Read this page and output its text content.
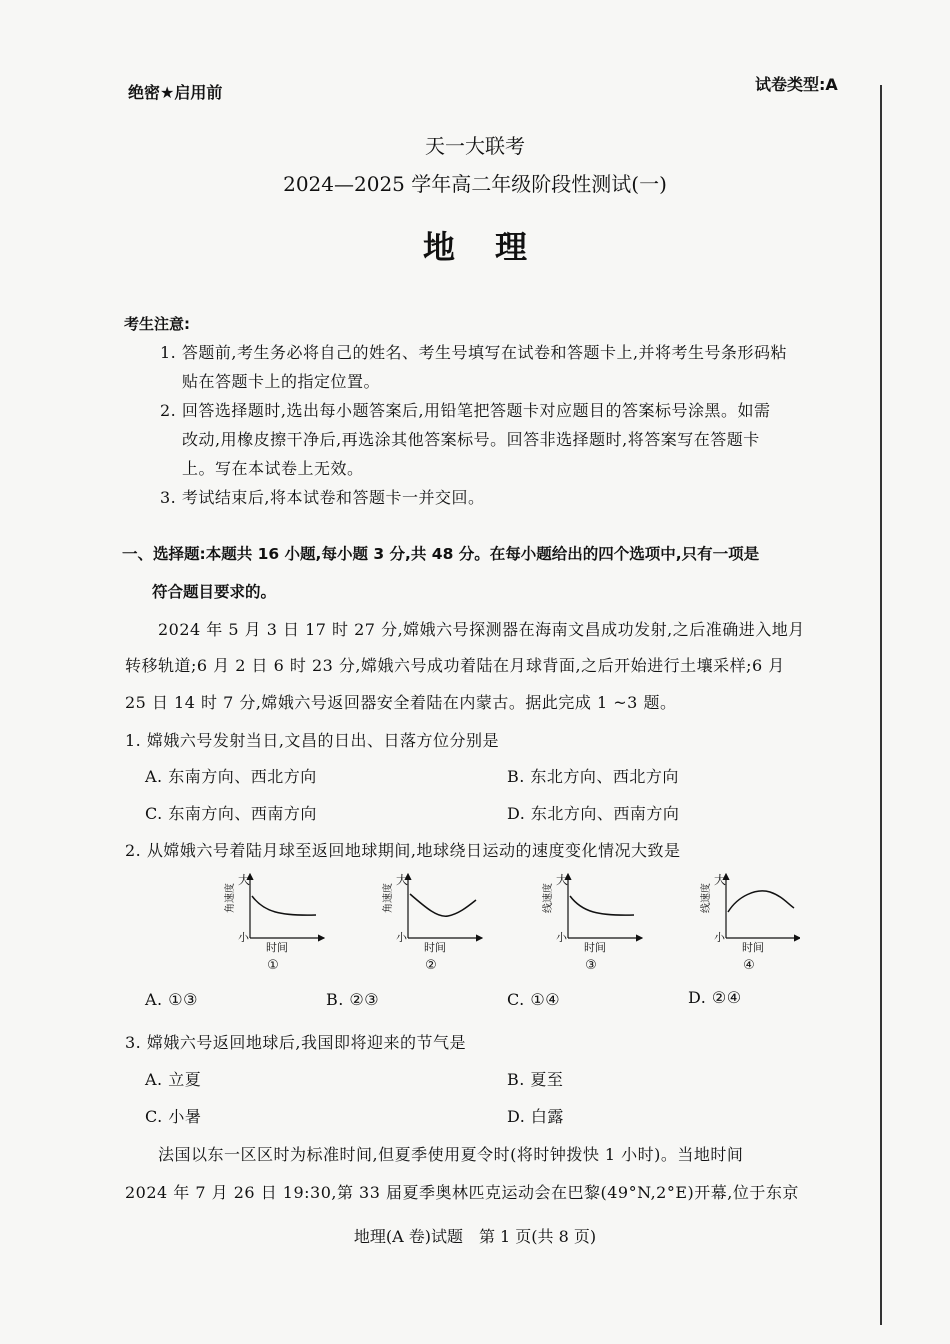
绝密★启用前	试卷类型:A
天一大联考
2024—2025 学年高二年级阶段性测试(一)
地理
考生注意:
1. 答题前,考生务必将自己的姓名、考生号填写在试卷和答题卡上,并将考生号条形码粘
贴在答题卡上的指定位置。
2. 回答选择题时,选出每小题答案后,用铅笔把答题卡对应题目的答案标号涂黑。如需
改动,用橡皮擦干净后,再选涂其他答案标号。回答非选择题时,将答案写在答题卡
上。写在本试卷上无效。
3. 考试结束后,将本试卷和答题卡一并交回。
一、选择题:本题共 16 小题,每小题 3 分,共 48 分。在每小题给出的四个选项中,只有一项是
符合题目要求的。
2024 年 5 月 3 日 17 时 27 分,嫦娥六号探测器在海南文昌成功发射,之后准确进入地月
转移轨道;6 月 2 日 6 时 23 分,嫦娥六号成功着陆在月球背面,之后开始进行土壤采样;6 月
25 日 14 时 7 分,嫦娥六号返回器安全着陆在内蒙古。据此完成 1 ~3 题。
1. 嫦娥六号发射当日,文昌的日出、日落方位分别是
A. 东南方向、西北方向	B. 东北方向、西北方向
C. 东南方向、西南方向	D. 东北方向、西南方向
2. 从嫦娥六号着陆月球至返回地球期间,地球绕日运动的速度变化情况大致是
大
小
角速度
时间
①
大
小
角速度
时间
②
大
小
线速度
时间
③
大
小
线速度
时间
④
A. ①③	B. ②③	C. ①④	D. ②④
3. 嫦娥六号返回地球后,我国即将迎来的节气是
A. 立夏	B. 夏至
C. 小暑	D. 白露
法国以东一区区时为标准时间,但夏季使用夏令时(将时钟拨快 1 小时)。当地时间
2024 年 7 月 26 日 19:30,第 33 届夏季奥林匹克运动会在巴黎(49°N,2°E)开幕,位于东京
地理(A 卷)试题　第 1 页(共 8 页)
